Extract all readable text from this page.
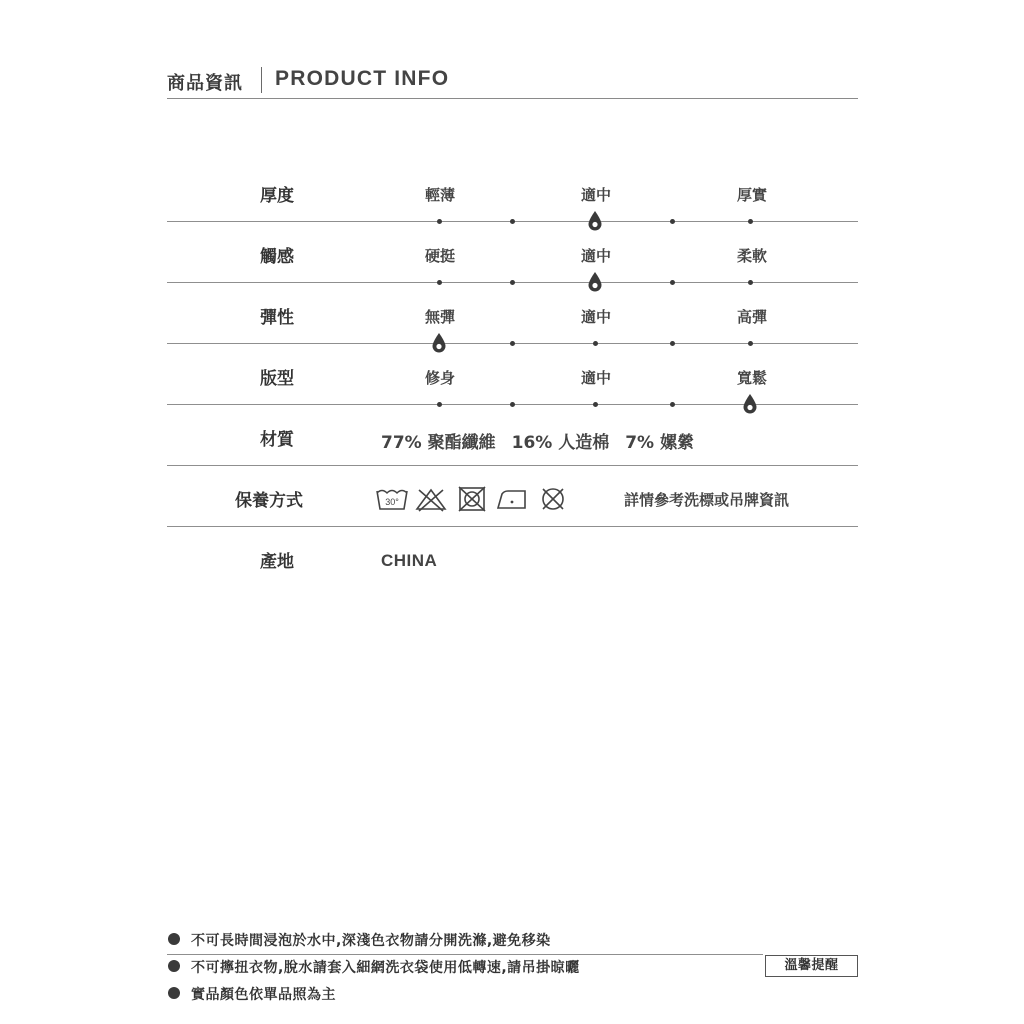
商品資訊 PRODUCT INFO
厚度	輕薄	適中	厚實
觸感	硬挺	適中	柔軟
彈性	無彈	適中	高彈
版型	修身	適中	寬鬆
材質	77% 聚酯纖維 16% 人造棉 7% 嫘縈
保養方式	30°	詳情參考洗標或吊牌資訊
產地	CHINA
不可長時間浸泡於水中,深淺色衣物請分開洗滌,避免移染
不可擰扭衣物,脫水請套入細網洗衣袋使用低轉速,請吊掛晾曬	溫馨提醒
實品顏色依單品照為主
